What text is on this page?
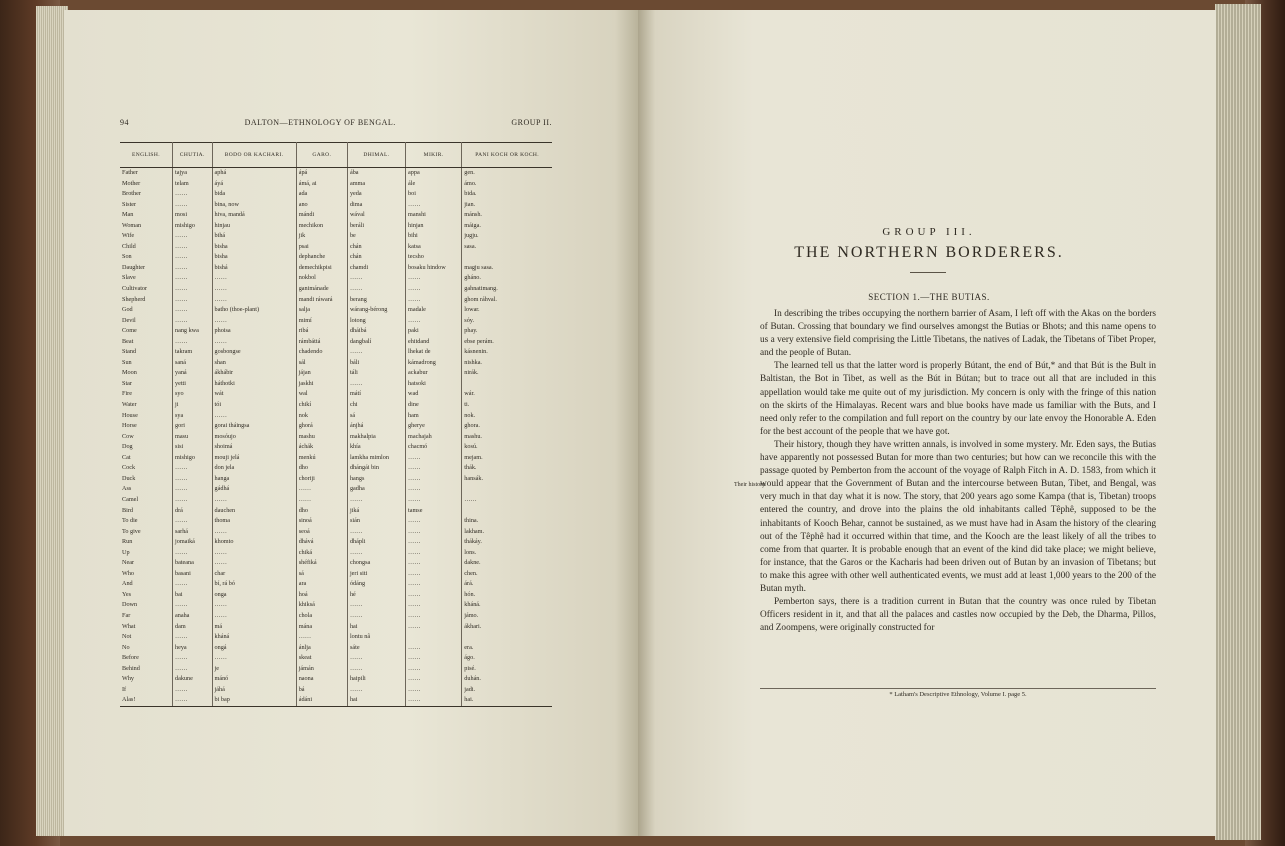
94	DALTON—ETHNOLOGY OF BENGAL.	GROUP II.
ENGLISH.	CHUTIA.	BODO OR KACHARI.	GARO.	DHIMAL.	MIKIR.	PANI KOCH OR KOCH.
Father	tajya	aphá	ápá	ába	appa	gen.
Mother	telam	áyá	ámá, ai	amma	ále	ámo.
Brother	……	bida	ada	yeda	boi	bida.
Sister	……	bina, now	ano	dima	……	jian.
Man	mosi	hiva, mandá	mándi	wával	manshi	mánsh.
Woman	mishigo	hinjau	mechikon	beráli	hinjan	máiga.
Wife	……	bihá	jik	be	bihi	jugju.
Child	……	bisha	psai	chán	katsa	sasa.
Son	……	bisha	dephanche	chán	tecsho	
Daughter	……	bishá	demechikpisi	chamdi	bosaku hindow	magju sasa.
Slave	……	……	nokbol	……	……	gháno.
Cultivator	……	……	ganimánade	……	……	gahnatimang.
Shepherd	……	……	mandi ráwará	berang	……	ghom ráhval.
God	……	batho (thoe-plant)	salja	wárang-bérong	madale	lowar.
Devil	……	……	mimí	lotong	……	sóy.
Come	nang kwa	phoisa	ribá	dháibá	paki	phay.
Beat	……	……	rámbáttá	dangbalí	ehitdand	ebse perám.
Stand	takram	gosbongse	chadendo	……	lhekat de	kásnenin.
Sun	saná	shan	sál	báli	kámadrong	nishka.
Moon	yaná	ákhábir	jájan	táli	ackabur	nirák.
Star	yetti	háthotki	jaskhi	……	hatsoki	
Fire	syo	wát	wal	mátí	wad	wár.
Water	ji	tói	chikí	chi	dine	ti.
House	sya	……	nok	sá	ham	nok.
Horse	gori	gorai tháingsa	ghorá	ánjhá	gherye	ghora.
Cow	masu	mosóujo	mashu	makhalpia	machajah	mashu.
Dog	sisi	shoimá	áchák	khía	chacmó	kosú.
Cat	mishigo	mouji jelá	menkú	lamkha mimlon	……	mejam.
Cock	……	don jela	dho	dhángái bin	……	thák.
Duck	……	hanga	choriji	hangs	……	hansák.
Ass	……	gádhá	……	gadha	……	
Camel	……	……	……	……	……	……
Bird	drá	dauchen	dho	jiká	tamse	
To die	……	thoma	sinoá	sián	……	thina.
To give	sarhá	……	seoá	……	……	lakham.
Run	jomaiká	khomto	dhává	dhápli	……	thákáy.
Up	……	……	chiká	……	……	lons.
Near	bateana	……	shéfiká	chongsa	……	dakne.
Who	basani	char	sá	jeri siti	……	chen.
And	……	bí, rá bó	ara	ódáng	……	árá.
Yes	bai	onga	hoá	hé	……	hón.
Down	……	……	khiksá	……	……	kháná.
Far	anaha	……	chola	……	……	jámo.
What	dam	má	mána	hai	……	ákhari.
Not	……	kháná	……	lontu nâ		
No	heya	ongá	ánlja	sáte	……	era.
Before	……	……	skeat	……	……	ágo.
Behind	……	je	jámán	……	……	pisé.
Why	dakune	mánó	naona	haipili	……	duhán.
If	……	jáhá	bá	……	……	jadi.
Alas!	……	bi bap	ádáni	hai	……	hai.
GROUP III.
THE NORTHERN BORDERERS.
SECTION 1.—THE BUTIAS.
Their history.

In describing the tribes occupying the northern barrier of Asam, I left off with the Akas on the borders of Butan. Crossing that boundary we find ourselves amongst the Butias or Bhots; and this name opens to us a very extensive field comprising the Little Tibetans, the natives of Ladak, the Tibetans of Tibet Proper, and the people of Butan.

The learned tell us that the latter word is properly Bútant, the end of Bút,* and that Bút is the Bult in Baltistan, the Bot in Tibet, as well as the Bút in Bútan; but to trace out all that are included in this appellation would take me quite out of my jurisdiction. My concern is only with the fringe of this nation on the skirts of the Himalayas. Recent wars and blue books have made us familiar with the Buts, and I need only refer to the compilation and full report on the country by our late envoy the Honorable A. Eden for the best account of the people that we have got.

Their history, though they have written annals, is involved in some mystery. Mr. Eden says, the Butias have apparently not possessed Butan for more than two centuries; but how can we reconcile this with the passage quoted by Pemberton from the account of the voyage of Ralph Fitch in A. D. 1583, from which it would appear that the Government of Butan and the intercourse between Butan, Tibet, and Bengal, was very much in that day what it is now. The story, that 200 years ago some Kampa (that is, Tibetan) troops entered the country, and drove into the plains the old inhabitants called Têphê, supposed to be the inhabitants of Kooch Behar, cannot be sustained, as we must have had in Asam the history of the clearing out of the Têphê had it occurred within that time, and the Kooch are the least likely of all the tribes to come from that quarter. It is probable enough that an event of the kind did take place; we might believe, for instance, that the Garos or the Kacharis had been driven out of Butan by an invasion of Tibetans; but to make this agree with other well authenticated events, we must add at least 1,000 years to the 200 of the Butan myth.

Pemberton says, there is a tradition current in Butan that the country was once ruled by Tibetan Officers resident in it, and that all the palaces and castles now occupied by the Deb, the Dharma, Pillos, and Zoompens, were originally constructed for

* Latham's Descriptive Ethnology, Volume I. page 5.
